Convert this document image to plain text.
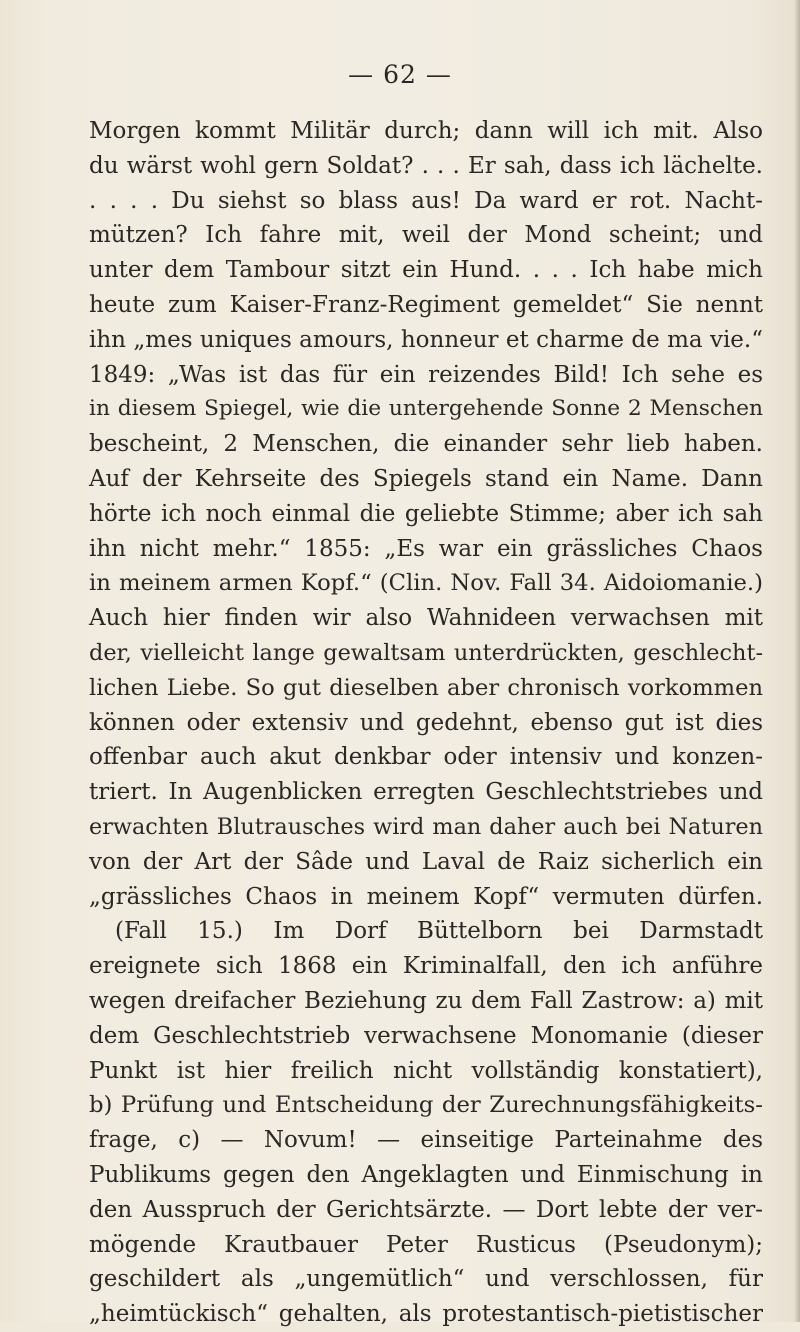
— 62 —

Morgen kommt Militär durch; dann will ich mit. Also
du wärst wohl gern Soldat? . . . Er sah, dass ich lächelte.
. . . . Du siehst so blass aus! Da ward er rot. Nacht-
mützen? Ich fahre mit, weil der Mond scheint; und
unter dem Tambour sitzt ein Hund. . . . Ich habe mich
heute zum Kaiser-Franz-Regiment gemeldet“ Sie nennt
ihn „mes uniques amours, honneur et charme de ma vie.“
1849: „Was ist das für ein reizendes Bild! Ich sehe es
in diesem Spiegel, wie die untergehende Sonne 2 Menschen
bescheint, 2 Menschen, die einander sehr lieb haben.
Auf der Kehrseite des Spiegels stand ein Name. Dann
hörte ich noch einmal die geliebte Stimme; aber ich sah
ihn nicht mehr.“ 1855: „Es war ein grässliches Chaos
in meinem armen Kopf.“ (Clin. Nov. Fall 34. Aidoiomanie.)
Auch hier finden wir also Wahnideen verwachsen mit
der, vielleicht lange gewaltsam unterdrückten, geschlecht-
lichen Liebe. So gut dieselben aber chronisch vorkommen
können oder extensiv und gedehnt, ebenso gut ist dies
offenbar auch akut denkbar oder intensiv und konzen-
triert. In Augenblicken erregten Geschlechtstriebes und
erwachten Blutrausches wird man daher auch bei Naturen
von der Art der Sâde und Laval de Raiz sicherlich ein
„grässliches Chaos in meinem Kopf“ vermuten dürfen.
(Fall 15.) Im Dorf Büttelborn bei Darmstadt
ereignete sich 1868 ein Kriminalfall, den ich anführe
wegen dreifacher Beziehung zu dem Fall Zastrow: a) mit
dem Geschlechtstrieb verwachsene Monomanie (dieser
Punkt ist hier freilich nicht vollständig konstatiert),
b) Prüfung und Entscheidung der Zurechnungsfähigkeits-
frage, c) — Novum! — einseitige Parteinahme des
Publikums gegen den Angeklagten und Einmischung in
den Ausspruch der Gerichtsärzte. — Dort lebte der ver-
mögende Krautbauer Peter Rusticus (Pseudonym);
geschildert als „ungemütlich“ und verschlossen, für
„heimtückisch“ gehalten, als protestantisch-pietistischer
